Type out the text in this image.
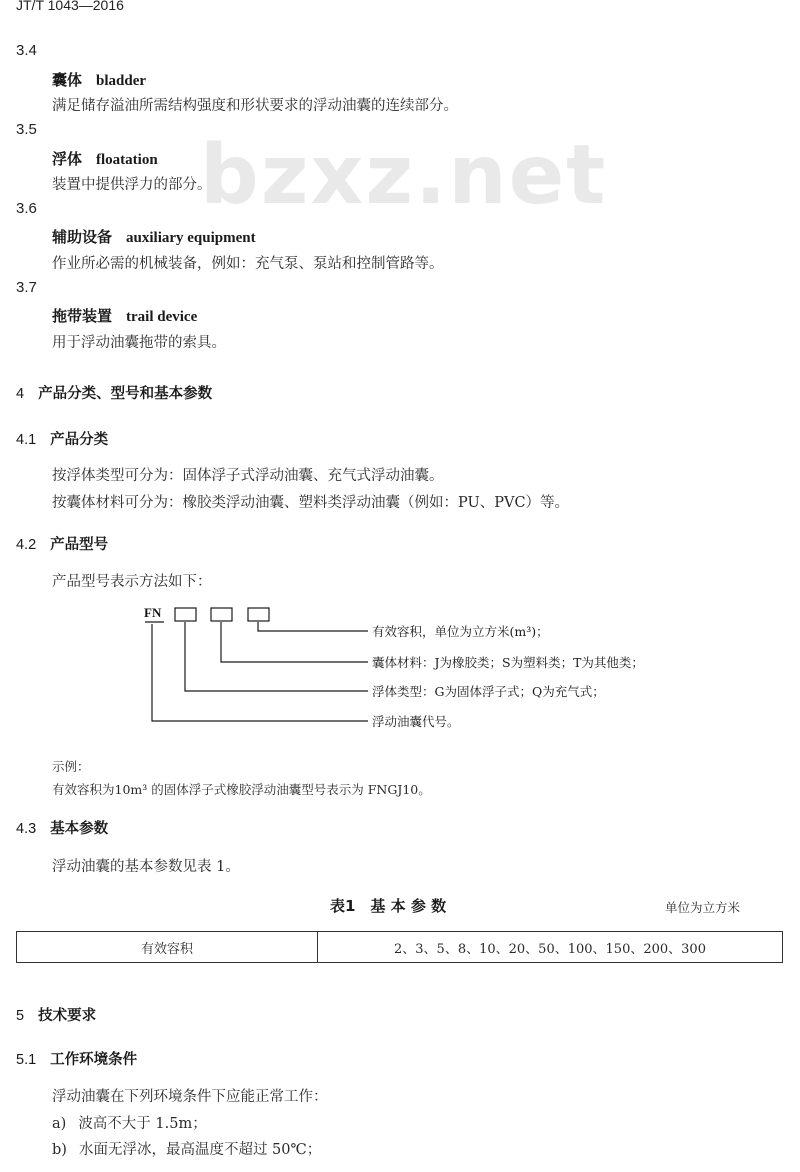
bzxz.net
JT/T 1043—2016
3.4
囊体 bladder
满足储存溢油所需结构强度和形状要求的浮动油囊的连续部分。
3.5
浮体 floatation
装置中提供浮力的部分。
3.6
辅助设备 auxiliary equipment
作业所必需的机械装备，例如：充气泵、泵站和控制管路等。
3.7
拖带装置 trail device
用于浮动油囊拖带的索具。
4 产品分类、型号和基本参数
4.1 产品分类
按浮体类型可分为：固体浮子式浮动油囊、充气式浮动油囊。
按囊体材料可分为：橡胶类浮动油囊、塑料类浮动油囊（例如：PU、PVC）等。
4.2 产品型号
产品型号表示方法如下：
FN
有效容积，单位为立方米(m³)；
囊体材料：J为橡胶类；S为塑料类；T为其他类；
浮体类型：G为固体浮子式；Q为充气式；
浮动油囊代号。
示例：
有效容积为10m³ 的固体浮子式橡胶浮动油囊型号表示为 FNGJ10。
4.3 基本参数
浮动油囊的基本参数见表 1。
表1　基 本 参 数	单位为立方米
有效容积	2、3、5、8、10、20、50、100、150、200、300
5 技术要求
5.1 工作环境条件
浮动油囊在下列环境条件下应能正常工作：
a) 波高不大于 1.5m；
b) 水面无浮冰，最高温度不超过 50℃；
